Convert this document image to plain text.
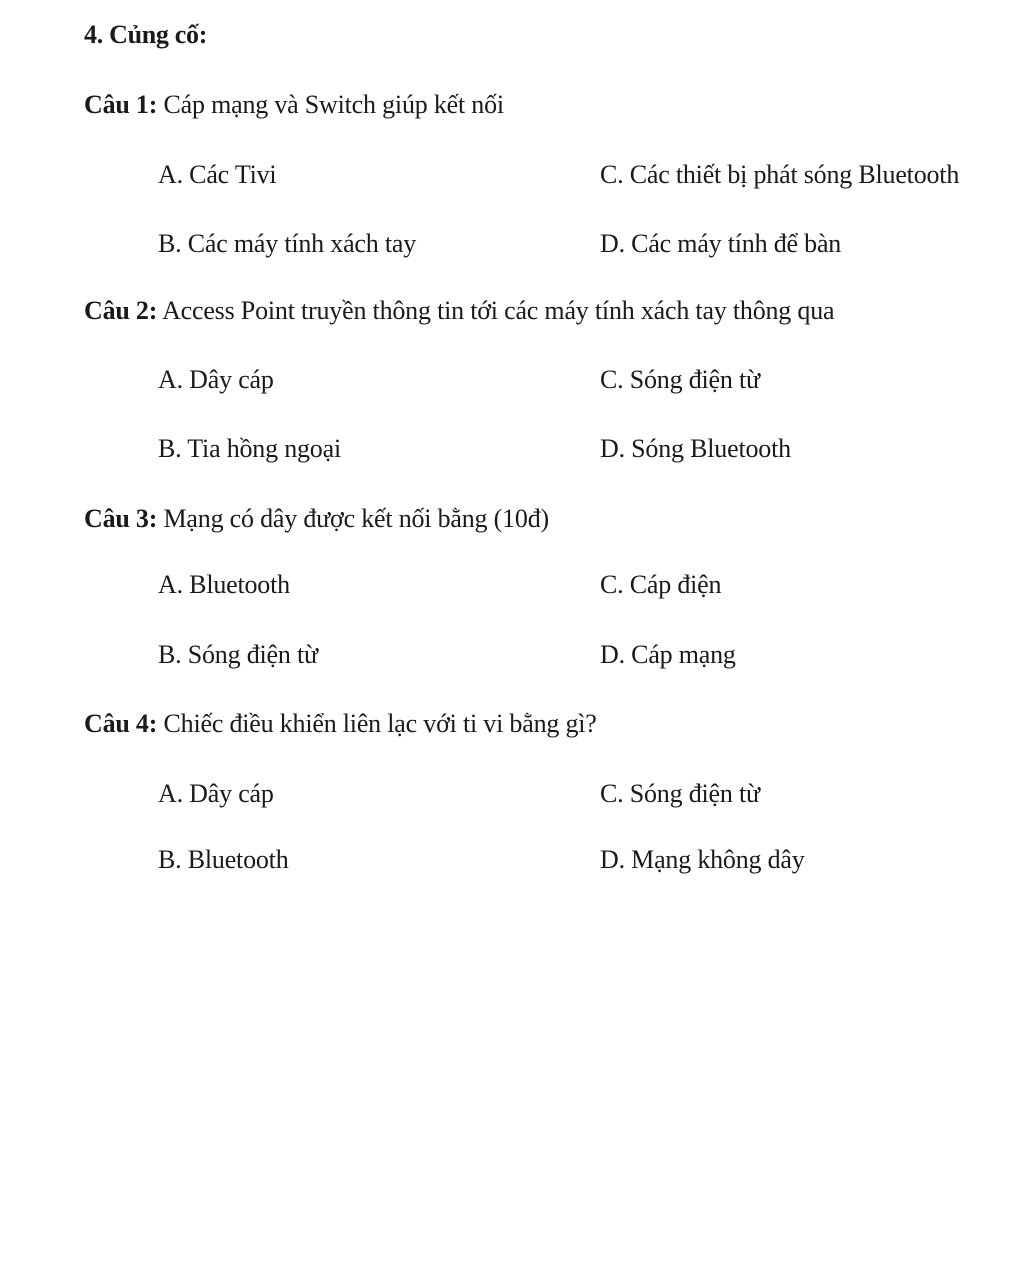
4. Củng cố:
Câu 1: Cáp mạng và Switch giúp kết nối
A. Các Tivi	C. Các thiết bị phát sóng Bluetooth
B. Các máy tính xách tay	D. Các máy tính để bàn
Câu 2: Access Point truyền thông tin tới các máy tính xách tay thông qua
A. Dây cáp	C. Sóng điện từ
B. Tia hồng ngoại	D. Sóng Bluetooth
Câu 3: Mạng có dây được kết nối bằng (10đ)
A. Bluetooth	C. Cáp điện
B. Sóng điện từ	D. Cáp mạng
Câu 4: Chiếc điều khiển liên lạc với ti vi bằng gì?
A. Dây cáp	C. Sóng điện từ
B. Bluetooth	D. Mạng không dây
